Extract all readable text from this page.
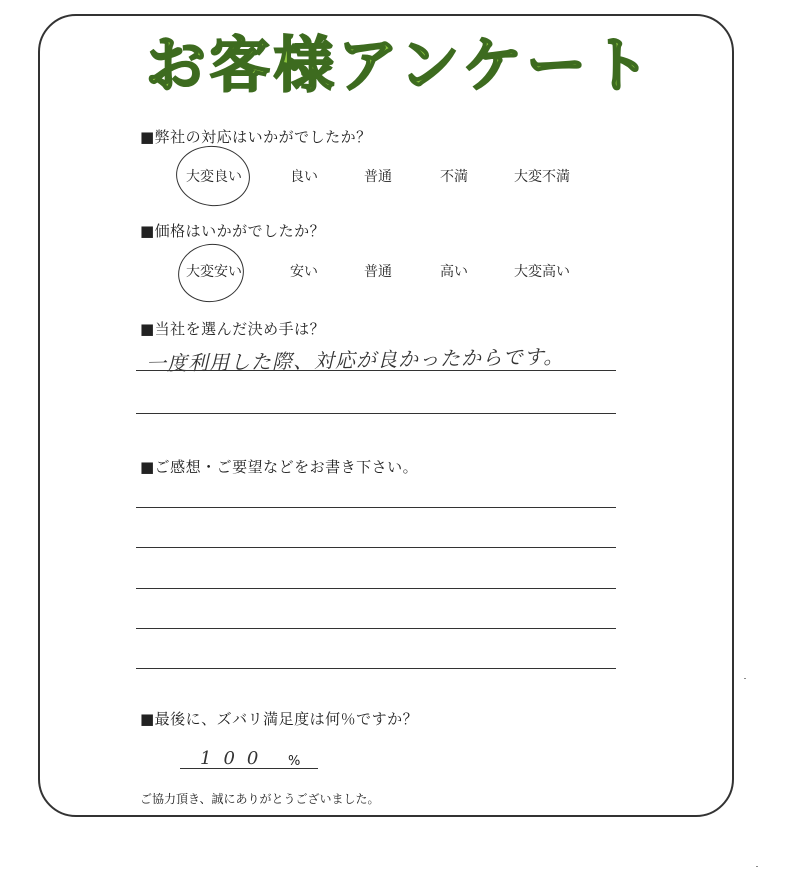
お客様アンケート
■弊社の対応はいかがでしたか？
大変良い	良い	普通	不満	大変不満
■価格はいかがでしたか？
大変安い	安い	普通	高い	大変高い
■当社を選んだ決め手は？
一度利用した際、対応が良かったからです。
■ご感想・ご要望などをお書き下さい。
■最後に、ズバリ満足度は何％ですか？
100 %
ご協力頂き、誠にありがとうございました。
